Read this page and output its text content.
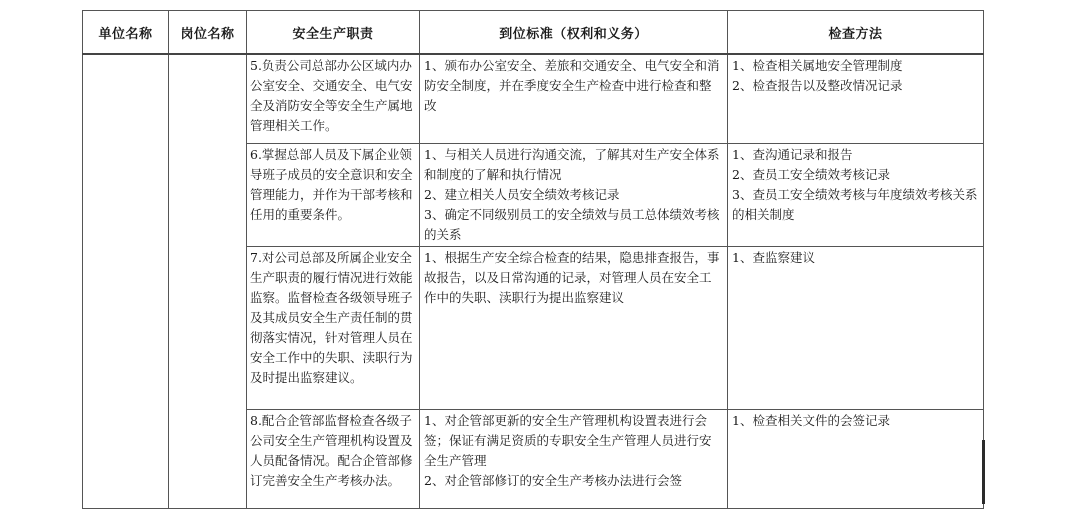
单位名称	岗位名称	安全生产职责	到位标准（权利和义务）	检查方法

		5.负责公司总部办公区域内办公室安全、交通安全、电气安全及消防安全等安全生产属地管理相关工作。	1、颁布办公室安全、差旅和交通安全、电气安全和消防安全制度，并在季度安全生产检查中进行检查和整改	1、检查相关属地安全管理制度
2、检查报告以及整改情况记录

		6.掌握总部人员及下属企业领导班子成员的安全意识和安全管理能力，并作为干部考核和任用的重要条件。	1、与相关人员进行沟通交流，了解其对生产安全体系和制度的了解和执行情况
2、建立相关人员安全绩效考核记录
3、确定不同级别员工的安全绩效与员工总体绩效考核的关系	1、查沟通记录和报告
2、查员工安全绩效考核记录
3、查员工安全绩效考核与年度绩效考核关系的相关制度

		7.对公司总部及所属企业安全生产职责的履行情况进行效能监察。监督检查各级领导班子及其成员安全生产责任制的贯彻落实情况，针对管理人员在安全工作中的失职、渎职行为及时提出监察建议。	1、根据生产安全综合检查的结果，隐患排查报告，事故报告，以及日常沟通的记录，对管理人员在安全工作中的失职、渎职行为提出监察建议	1、查监察建议

		8.配合企管部监督检查各级子公司安全生产管理机构设置及人员配备情况。配合企管部修订完善安全生产考核办法。	1、对企管部更新的安全生产管理机构设置表进行会签；保证有满足资质的专职安全生产管理人员进行安全生产管理
2、对企管部修订的安全生产考核办法进行会签	1、检查相关文件的会签记录
